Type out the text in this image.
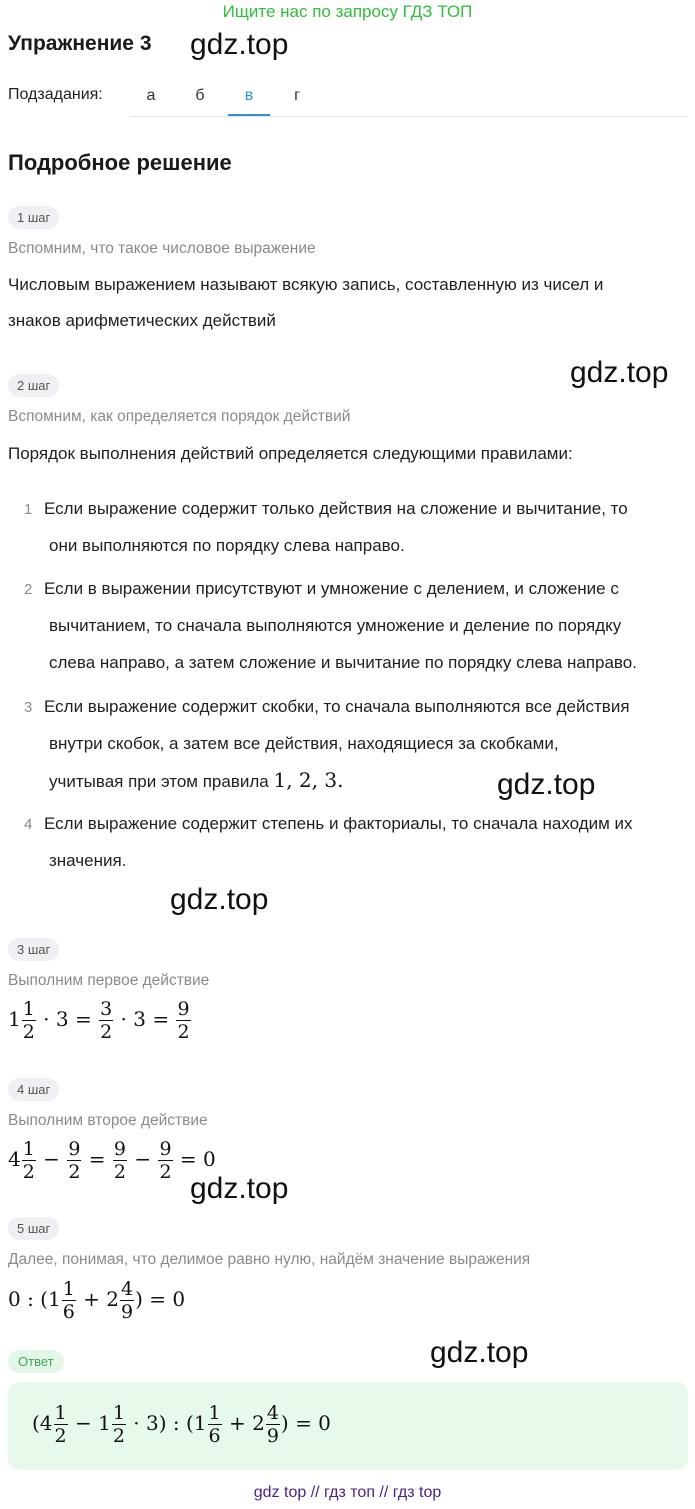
Ищите нас по запросу ГДЗ ТОП
Упражнение 3 gdz.top
Подзадания:	а	б	в	г
Подробное решение
1 шаг
Вспомним, что такое числовое выражение
Числовым выражением называют всякую запись, составленную из чисел и
знаков арифметических действий
2 шаг	gdz.top
Вспомним, как определяется порядок действий
Порядок выполнения действий определяется следующими правилами:
1 Если выражение содержит только действия на сложение и вычитание, то
они выполняются по порядку слева направо.
2 Если в выражении присутствуют и умножение с делением, и сложение с
вычитанием, то сначала выполняются умножение и деление по порядку
слева направо, а затем сложение и вычитание по порядку слева направо.
3 Если выражение содержит скобки, то сначала выполняются все действия
внутри скобок, а затем все действия, находящиеся за скобками,
учитывая при этом правила 1, 2, 3.	gdz.top
4 Если выражение содержит степень и факториалы, то сначала находим их
значения.
gdz.top
3 шаг
Выполним первое действие
$1 \frac{1}{2} \cdot 3 = \frac{3}{2} \cdot 3 = \frac{9}{2}$
4 шаг
Выполним второе действие
$4 \frac{1}{2} - \frac{9}{2} = \frac{9}{2} - \frac{9}{2} = 0$
gdz.top
5 шаг
Далее, понимая, что делимое равно нулю, найдём значение выражения
0 : ($1 \frac{1}{6} + 2 \frac{4}{9}$ ) = 0
Ответ	gdz.top
$(4 \frac{1}{2} - 1 \frac{1}{2} \cdot 3)$ : ($1 \frac{1}{6} + 2 \frac{4}{9}$ ) = 0
gdz top // гдз топ // гдз top
